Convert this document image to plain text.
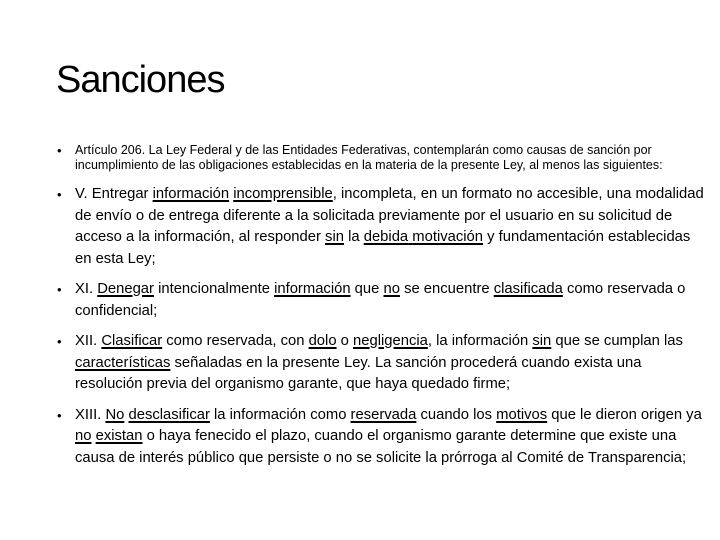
Sanciones

• Artículo 206. La Ley Federal y de las Entidades Federativas, contemplarán como causas de sanción por incumplimiento de las obligaciones establecidas en la materia de la presente Ley, al menos las siguientes:

• V. Entregar información incomprensible, incompleta, en un formato no accesible, una modalidad de envío o de entrega diferente a la solicitada previamente por el usuario en su solicitud de acceso a la información, al responder sin la debida motivación y fundamentación establecidas en esta Ley;

• XI. Denegar intencionalmente información que no se encuentre clasificada como reservada o confidencial;

• XII. Clasificar como reservada, con dolo o negligencia, la información sin que se cumplan las características señaladas en la presente Ley. La sanción procederá cuando exista una resolución previa del organismo garante, que haya quedado firme;

• XIII. No desclasificar la información como reservada cuando los motivos que le dieron origen ya no existan o haya fenecido el plazo, cuando el organismo garante determine que existe una causa de interés público que persiste o no se solicite la prórroga al Comité de Transparencia;
